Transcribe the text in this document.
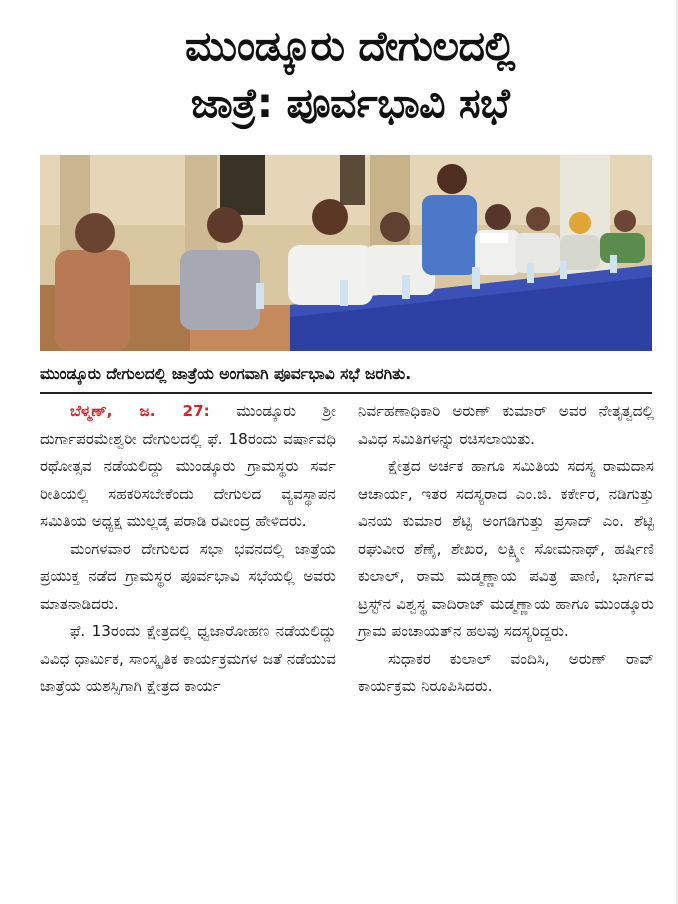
ಮುಂಡ್ಕೂರು ದೇಗುಲದಲ್ಲಿ
ಜಾತ್ರೆ: ಪೂರ್ವಭಾವಿ ಸಭೆ
ಮುಂಡ್ಕೂರು ದೇಗುಲದಲ್ಲಿ ಜಾತ್ರೆಯ ಅಂಗವಾಗಿ ಪೂರ್ವಭಾವಿ ಸಭೆ ಜರಗಿತು.

ಬೆಳ್ಮಣ್, ಜ. 27: ಮುಂಡ್ಕೂರು ಶ್ರೀ ದುರ್ಗಾಪರಮೇಶ್ವರೀ ದೇಗುಲದಲ್ಲಿ ಫೆ. 18ರಂದು ವರ್ಷಾವಧಿ ರಥೋತ್ಸವ ನಡೆಯಲಿದ್ದು ಮುಂಡ್ಕೂರು ಗ್ರಾಮಸ್ಥರು ಸರ್ವ ರೀತಿಯಲ್ಲಿ ಸಹಕರಿಸಬೇಕೆಂದು ದೇಗುಲದ ವ್ಯವಸ್ಥಾಪನ ಸಮಿತಿಯ ಅಧ್ಯಕ್ಷ ಮುಲ್ಲಡ್ಕ ಪರಾಡಿ ರವೀಂದ್ರ ಹೇಳಿದರು.

ಮಂಗಳವಾರ ದೇಗುಲದ ಸಭಾ ಭವನದಲ್ಲಿ ಜಾತ್ರೆಯ ಪ್ರಯುಕ್ತ ನಡೆದ ಗ್ರಾಮಸ್ಥರ ಪೂರ್ವಭಾವಿ ಸಭೆಯಲ್ಲಿ ಅವರು ಮಾತನಾಡಿದರು.

ಫೆ. 13ರಂದು ಕ್ಷೇತ್ರದಲ್ಲಿ ಧ್ವಜಾರೋಹಣ ನಡೆಯಲಿದ್ದು ವಿವಿಧ ಧಾರ್ಮಿಕ, ಸಾಂಸ್ಕೃತಿಕ ಕಾರ್ಯಕ್ರಮಗಳ ಜತೆ ನಡೆಯುವ ಜಾತ್ರೆಯ ಯಶಸ್ಸಿಗಾಗಿ ಕ್ಷೇತ್ರದ ಕಾರ್ಯ

ನಿರ್ವಹಣಾಧಿಕಾರಿ ಅರುಣ್ ಕುಮಾರ್ ಅವರ ನೇತೃತ್ವದಲ್ಲಿ ವಿವಿಧ ಸಮಿತಿಗಳನ್ನು ರಚಿಸಲಾಯಿತು.

ಕ್ಷೇತ್ರದ ಅರ್ಚಕ ಹಾಗೂ ಸಮಿತಿಯ ಸದಸ್ಯ ರಾಮದಾಸ ಆಚಾರ್ಯ, ಇತರ ಸದಸ್ಯರಾದ ಎಂ.ಜಿ. ಕರ್ಕೇರ, ನಡಿಗುತ್ತು ವಿನಯ ಕುಮಾರ ಶೆಟ್ಟಿ ಅಂಗಡಿಗುತ್ತು ಪ್ರಸಾದ್ ಎಂ. ಶೆಟ್ಟಿ ರಘುವೀರ ಶೆಣೈ, ಶೇಖರ, ಲಕ್ಷ್ಮೀ ಸೋಮನಾಥ್, ಹರ್ಷಿಣಿ ಕುಲಾಲ್, ರಾಮ ಮಡ್ಮಣ್ಣಾಯ ಪವಿತ್ರ ಪಾಣಿ, ಭಾರ್ಗವ ಟ್ರಸ್ಟ್‌ನ ವಿಶ್ವಸ್ಥ ವಾದಿರಾಜ್ ಮಡ್ಮಣ್ಣಾಯ ಹಾಗೂ ಮುಂಡ್ಕೂರು ಗ್ರಾಮ ಪಂಚಾಯತ್‌ನ ಹಲವು ಸದಸ್ಯರಿದ್ದರು.

ಸುಧಾಕರ ಕುಲಾಲ್ ವಂದಿಸಿ, ಅರುಣ್ ರಾವ್ ಕಾರ್ಯಕ್ರಮ ನಿರೂಪಿಸಿದರು.
